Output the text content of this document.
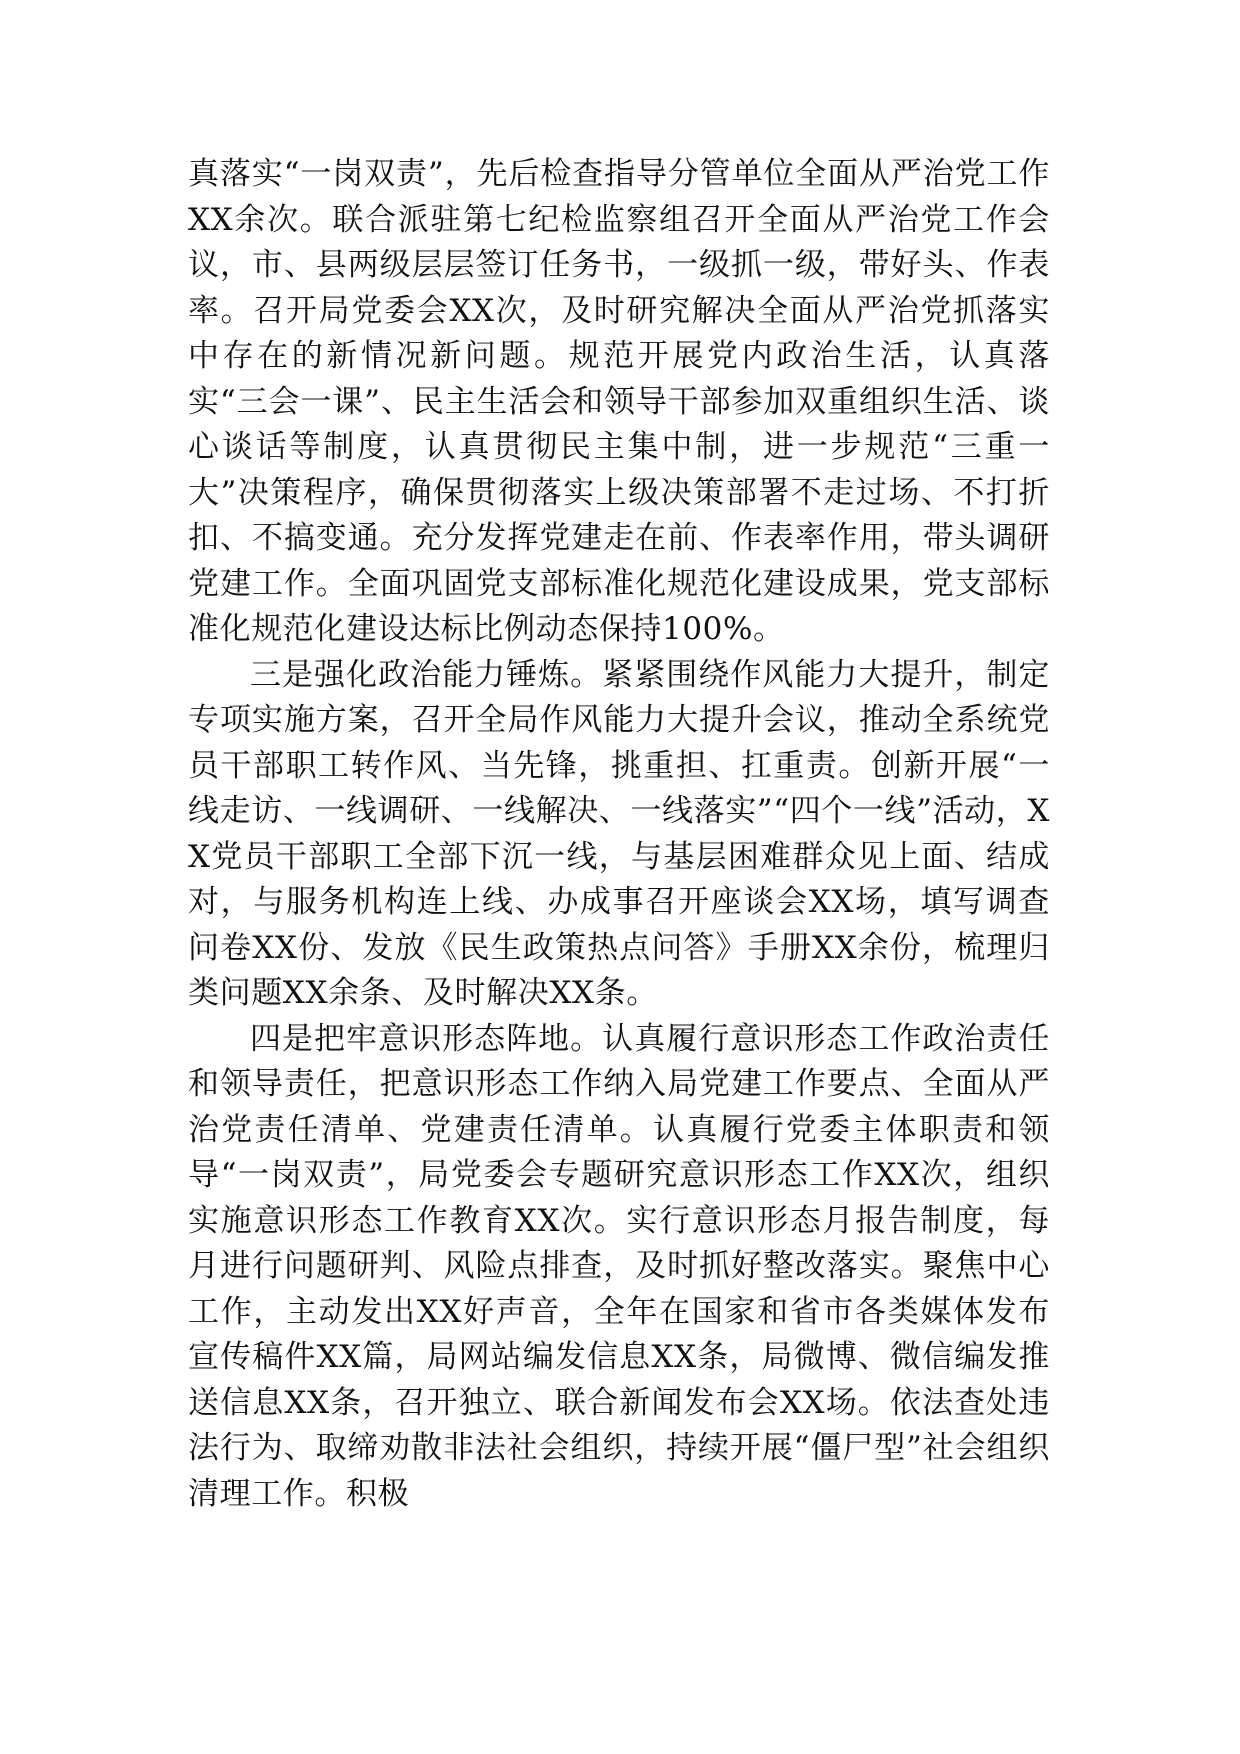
真落实“一岗双责”，先后检查指导分管单位全面从严治党工作XX余次。联合派驻第七纪检监察组召开全面从严治党工作会议，市、县两级层层签订任务书，一级抓一级，带好头、作表率。召开局党委会XX次，及时研究解决全面从严治党抓落实中存在的新情况新问题。规范开展党内政治生活，认真落实“三会一课”、民主生活会和领导干部参加双重组织生活、谈心谈话等制度，认真贯彻民主集中制，进一步规范“三重一大”决策程序，确保贯彻落实上级决策部署不走过场、不打折扣、不搞变通。充分发挥党建走在前、作表率作用，带头调研党建工作。全面巩固党支部标准化规范化建设成果，党支部标准化规范化建设达标比例动态保持100%。

三是强化政治能力锤炼。紧紧围绕作风能力大提升，制定专项实施方案，召开全局作风能力大提升会议，推动全系统党员干部职工转作风、当先锋，挑重担、扛重责。创新开展“一线走访、一线调研、一线解决、一线落实”“四个一线”活动，XX党员干部职工全部下沉一线，与基层困难群众见上面、结成对，与服务机构连上线、办成事召开座谈会XX场，填写调查问卷XX份、发放《民生政策热点问答》手册XX余份，梳理归类问题XX余条、及时解决XX条。

四是把牢意识形态阵地。认真履行意识形态工作政治责任和领导责任，把意识形态工作纳入局党建工作要点、全面从严治党责任清单、党建责任清单。认真履行党委主体职责和领导“一岗双责”，局党委会专题研究意识形态工作XX次，组织实施意识形态工作教育XX次。实行意识形态月报告制度，每月进行问题研判、风险点排查，及时抓好整改落实。聚焦中心工作，主动发出XX好声音，全年在国家和省市各类媒体发布宣传稿件XX篇，局网站编发信息XX条，局微博、微信编发推送信息XX条，召开独立、联合新闻发布会XX场。依法查处违法行为、取缔劝散非法社会组织，持续开展“僵尸型”社会组织清理工作。积极
